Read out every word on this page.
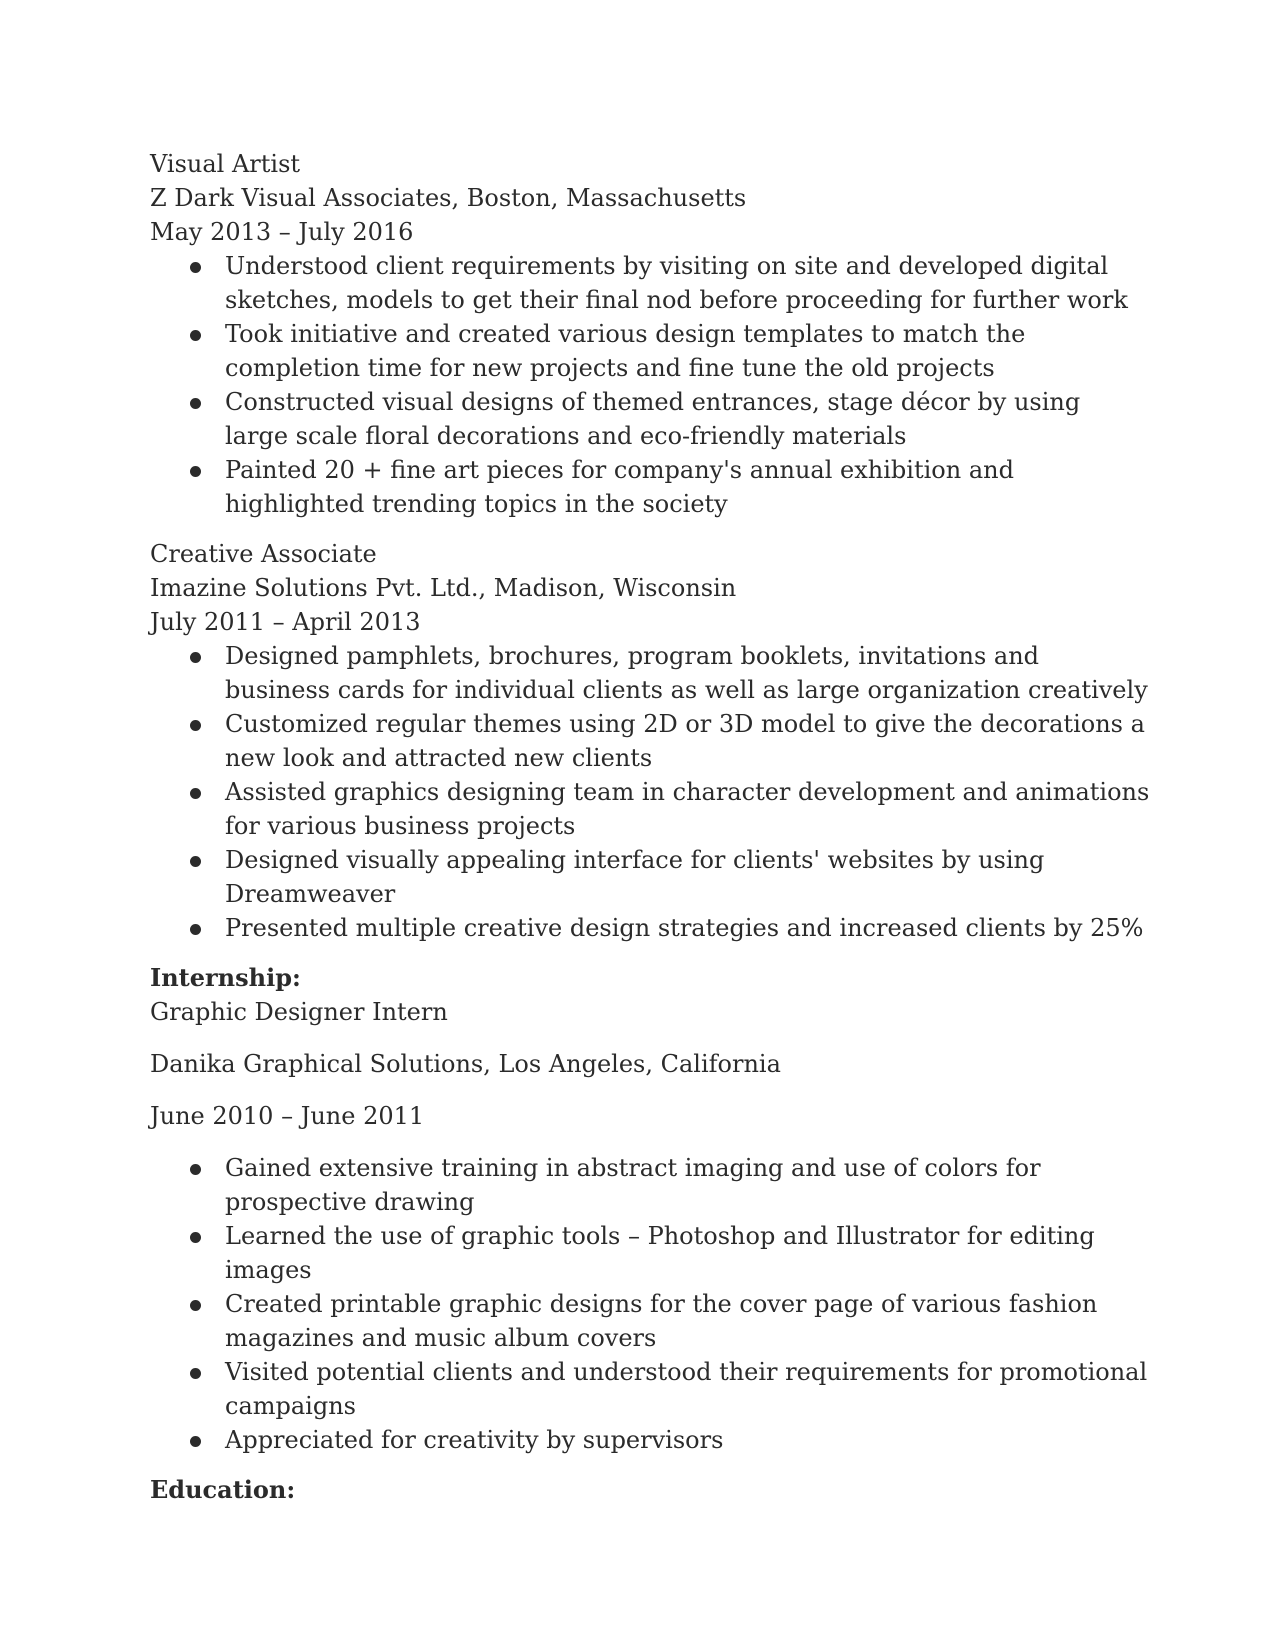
Visual Artist
Z Dark Visual Associates, Boston, Massachusetts
May 2013 – July 2016
Understood client requirements by visiting on site and developed digital sketches, models to get their final nod before proceeding for further work
Took initiative and created various design templates to match the completion time for new projects and fine tune the old projects
Constructed visual designs of themed entrances, stage décor by using large scale floral decorations and eco-friendly materials
Painted 20 + fine art pieces for company's annual exhibition and highlighted trending topics in the society
Creative Associate
Imazine Solutions Pvt. Ltd., Madison, Wisconsin
July 2011 – April 2013
Designed pamphlets, brochures, program booklets, invitations and business cards for individual clients as well as large organization creatively
Customized regular themes using 2D or 3D model to give the decorations a new look and attracted new clients
Assisted graphics designing team in character development and animations for various business projects
Designed visually appealing interface for clients' websites by using Dreamweaver
Presented multiple creative design strategies and increased clients by 25%
Internship:
Graphic Designer Intern
Danika Graphical Solutions, Los Angeles, California
June 2010 – June 2011
Gained extensive training in abstract imaging and use of colors for prospective drawing
Learned the use of graphic tools – Photoshop and Illustrator for editing images
Created printable graphic designs for the cover page of various fashion magazines and music album covers
Visited potential clients and understood their requirements for promotional campaigns
Appreciated for creativity by supervisors
Education:
